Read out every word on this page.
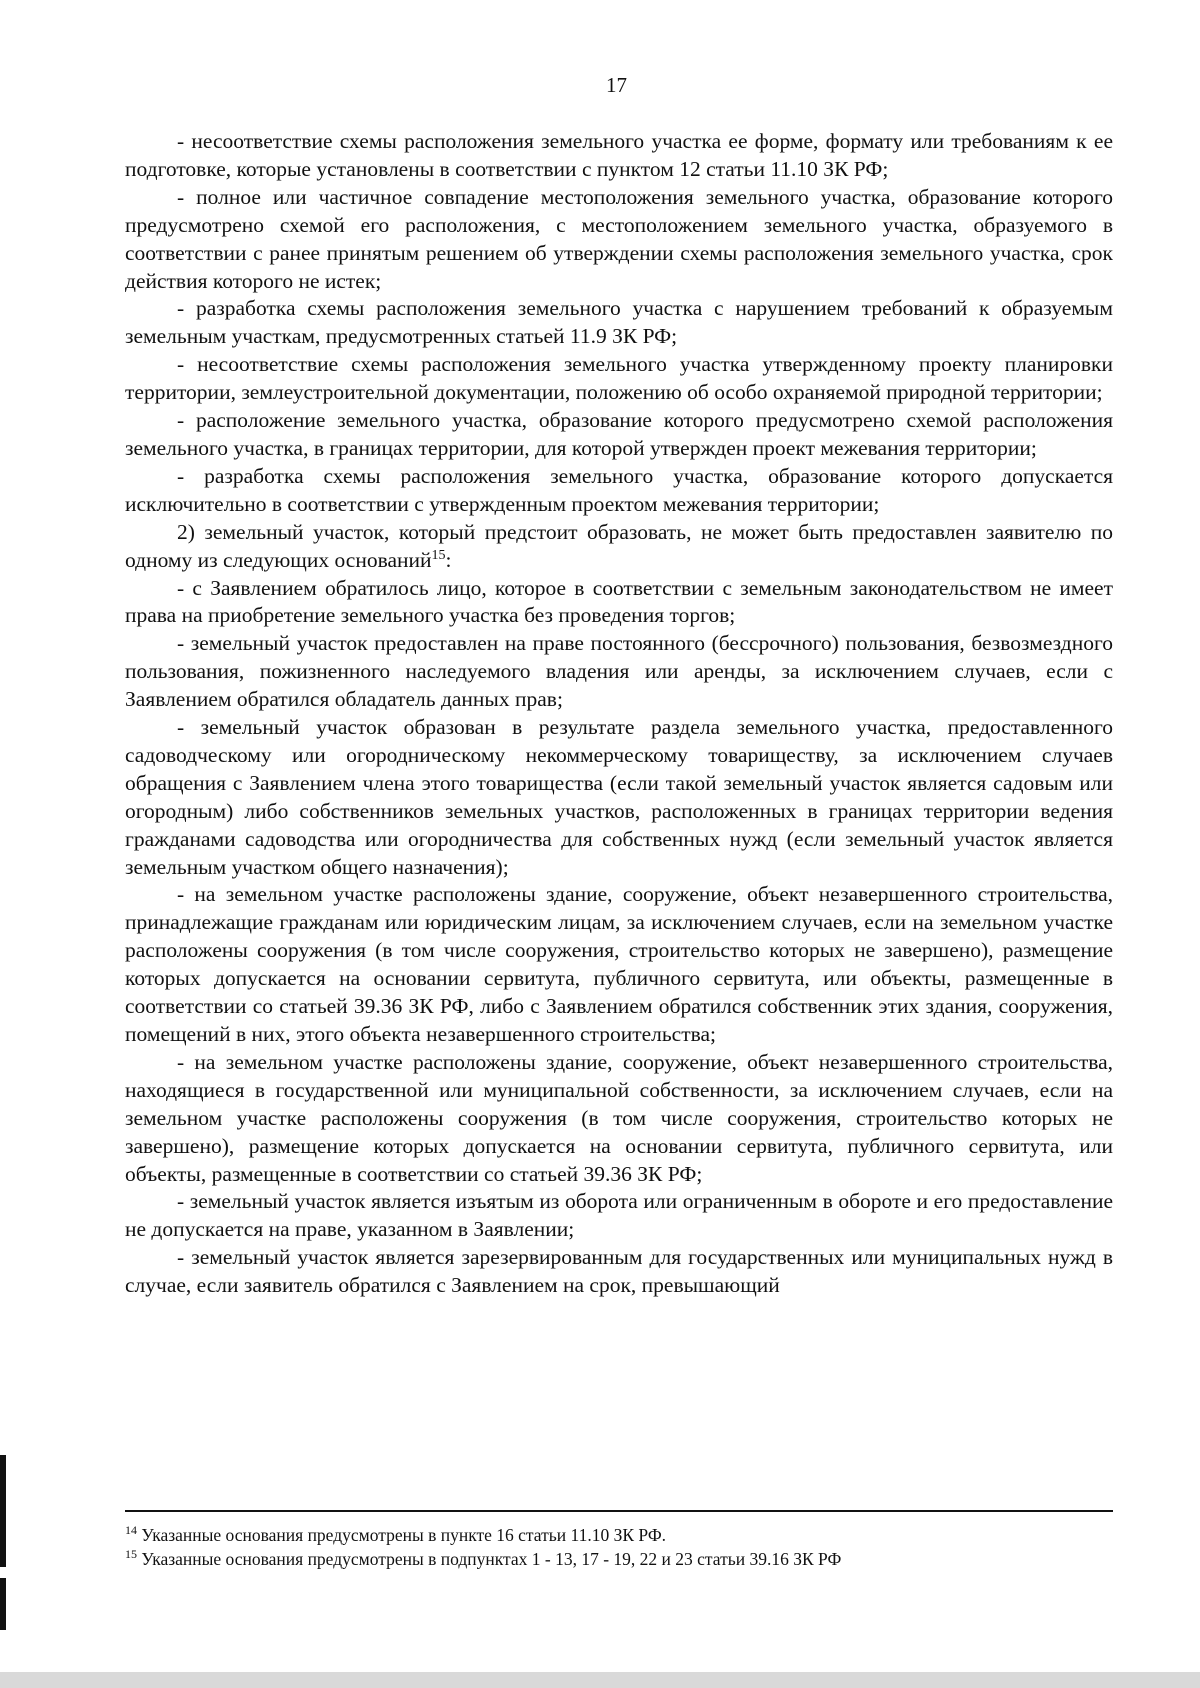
17

- несоответствие схемы расположения земельного участка ее форме, формату или требованиям к ее подготовке, которые установлены в соответствии с пунктом 12 статьи 11.10 ЗК РФ;

- полное или частичное совпадение местоположения земельного участка, образование которого предусмотрено схемой его расположения, с местоположением земельного участка, образуемого в соответствии с ранее принятым решением об утверждении схемы расположения земельного участка, срок действия которого не истек;

- разработка схемы расположения земельного участка с нарушением требований к образуемым земельным участкам, предусмотренных статьей 11.9 ЗК РФ;

- несоответствие схемы расположения земельного участка утвержденному проекту планировки территории, землеустроительной документации, положению об особо охраняемой природной территории;

- расположение земельного участка, образование которого предусмотрено схемой расположения земельного участка, в границах территории, для которой утвержден проект межевания территории;

- разработка схемы расположения земельного участка, образование которого допускается исключительно в соответствии с утвержденным проектом межевания территории;

2) земельный участок, который предстоит образовать, не может быть предоставлен заявителю по одному из следующих оснований$^{15}$:

- с Заявлением обратилось лицо, которое в соответствии с земельным законодательством не имеет права на приобретение земельного участка без проведения торгов;

- земельный участок предоставлен на праве постоянного (бессрочного) пользования, безвозмездного пользования, пожизненного наследуемого владения или аренды, за исключением случаев, если с Заявлением обратился обладатель данных прав;

- земельный участок образован в результате раздела земельного участка, предоставленного садоводческому или огородническому некоммерческому товариществу, за исключением случаев обращения с Заявлением члена этого товарищества (если такой земельный участок является садовым или огородным) либо собственников земельных участков, расположенных в границах территории ведения гражданами садоводства или огородничества для собственных нужд (если земельный участок является земельным участком общего назначения);

- на земельном участке расположены здание, сооружение, объект незавершенного строительства, принадлежащие гражданам или юридическим лицам, за исключением случаев, если на земельном участке расположены сооружения (в том числе сооружения, строительство которых не завершено), размещение которых допускается на основании сервитута, публичного сервитута, или объекты, размещенные в соответствии со статьей 39.36 ЗК РФ, либо с Заявлением обратился собственник этих здания, сооружения, помещений в них, этого объекта незавершенного строительства;

- на земельном участке расположены здание, сооружение, объект незавершенного строительства, находящиеся в государственной или муниципальной собственности, за исключением случаев, если на земельном участке расположены сооружения (в том числе сооружения, строительство которых не завершено), размещение которых допускается на основании сервитута, публичного сервитута, или объекты, размещенные в соответствии со статьей 39.36 ЗК РФ;

- земельный участок является изъятым из оборота или ограниченным в обороте и его предоставление не допускается на праве, указанном в Заявлении;

- земельный участок является зарезервированным для государственных или муниципальных нужд в случае, если заявитель обратился с Заявлением на срок, превышающий

$^{14}$ Указанные основания предусмотрены в пункте 16 статьи 11.10 ЗК РФ.

$^{15}$ Указанные основания предусмотрены в подпунктах 1 - 13, 17 - 19, 22 и 23 статьи 39.16 ЗК РФ
